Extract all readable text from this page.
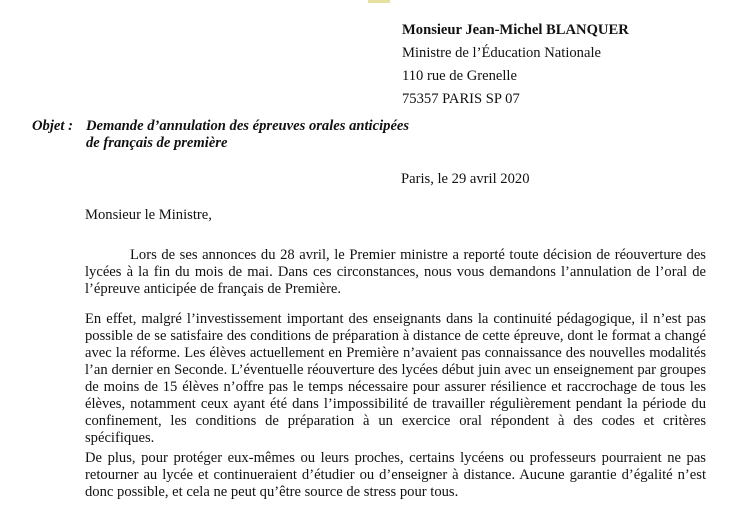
Monsieur Jean-Michel BLANQUER
Ministre de l’Éducation Nationale
110 rue de Grenelle
75357 PARIS SP 07
Objet : Demande d’annulation des épreuves orales anticipées
de français de première
Paris, le 29 avril 2020
Monsieur le Ministre,

Lors de ses annonces du 28 avril, le Premier ministre a reporté toute décision de réouverture des lycées à la fin du mois de mai. Dans ces circonstances, nous vous demandons l’annulation de l’oral de l’épreuve anticipée de français de Première.

En effet, malgré l’investissement important des enseignants dans la continuité pédagogique, il n’est pas possible de se satisfaire des conditions de préparation à distance de cette épreuve, dont le format a changé avec la réforme. Les élèves actuellement en Première n’avaient pas connaissance des nouvelles modalités l’an dernier en Seconde. L’éventuelle réouverture des lycées début juin avec un enseignement par groupes de moins de 15 élèves n’offre pas le temps nécessaire pour assurer résilience et raccrochage de tous les élèves, notamment ceux ayant été dans l’impossibilité de travailler régulièrement pendant la période du confinement, les conditions de préparation à un exercice oral répondent à des codes et critères spécifiques.

De plus, pour protéger eux-mêmes ou leurs proches, certains lycéens ou professeurs pourraient ne pas retourner au lycée et continueraient d’étudier ou d’enseigner à distance. Aucune garantie d’égalité n’est donc possible, et cela ne peut qu’être source de stress pour tous.
